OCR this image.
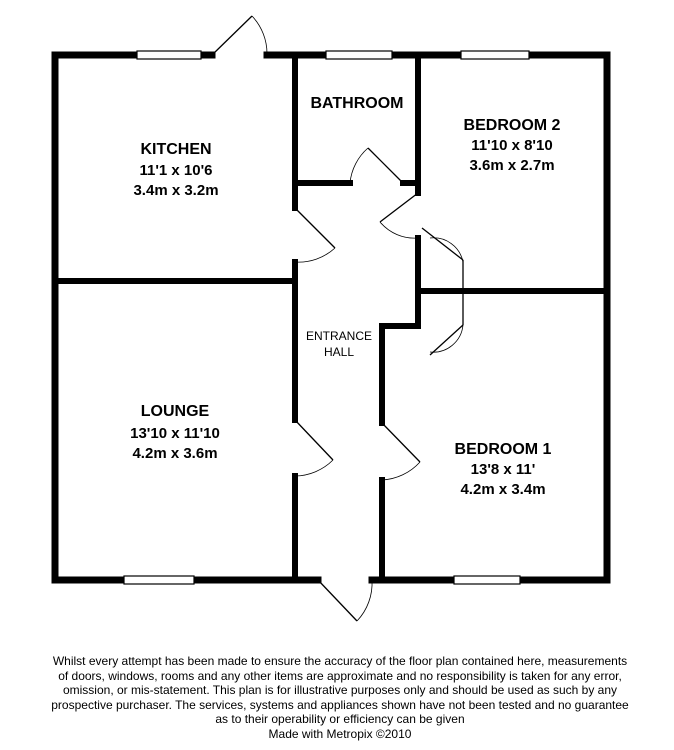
KITCHEN
11'1 x 10'6
3.4m x 3.2m
BATHROOM
BEDROOM 2
11'10 x 8'10
3.6m x 2.7m
LOUNGE
13'10 x 11'10
4.2m x 3.6m	BEDROOM 1
13'8 x 11'
4.2m x 3.4m
ENTRANCE
HALL
Whilst every attempt has been made to ensure the accuracy of the floor plan contained here, measurements
of doors, windows, rooms and any other items are approximate and no responsibility is taken for any error,
omission, or mis-statement. This plan is for illustrative purposes only and should be used as such by any
prospective purchaser. The services, systems and appliances shown have not been tested and no guarantee
as to their operability or efficiency can be given
Made with Metropix ©2010
